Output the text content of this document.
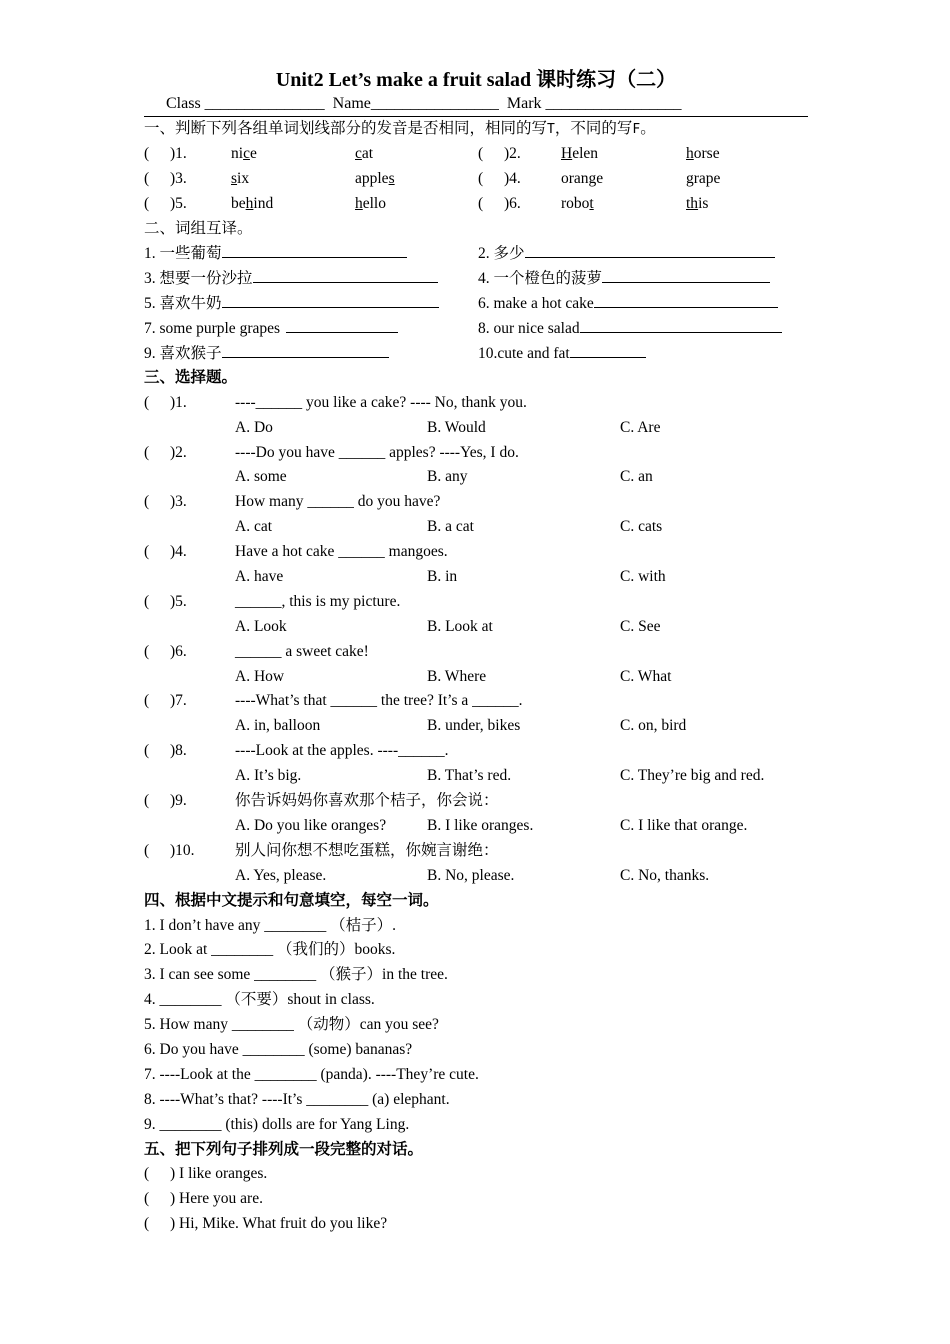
Unit2 Let’s make a fruit salad 课时练习（二）
Class _______________  Name________________  Mark _________________
一、判断下列各组单词划线部分的发音是否相同，相同的写T，不同的写F。
( )1.	nice	cat	( )2.	Helen	horse
( )3.	six	apples	( )4.	orange	grape
( )5.	behind	hello	( )6.	robot	this
二、词组互译。
1. 一些葡萄	2. 多少
3. 想要一份沙拉	4. 一个橙色的菠萝
5. 喜欢牛奶	6. make a hot cake
7. some purple grapes	8. our nice salad
9. 喜欢猴子	10.cute and fat
三、选择题。
( )1.	----______ you like a cake? ---- No, thank you.
A. Do	B. Would	C. Are
( )2.	----Do you have ______ apples? ----Yes, I do.
A. some	B. any	C. an
( )3.	How many ______ do you have?
A. cat	B. a cat	C. cats
( )4.	Have a hot cake ______ mangoes.
A. have	B. in	C. with
( )5.	______, this is my picture.
A. Look	B. Look at	C. See
( )6.	______ a sweet cake!
A. How	B. Where	C. What
( )7.	----What’s that ______ the tree? It’s a ______.
A. in, balloon	B. under, bikes	C. on, bird
( )8.	----Look at the apples. ----______.
A. It’s big.	B. That’s red.	C. They’re big and red.
( )9.	你告诉妈妈你喜欢那个桔子，你会说：
A. Do you like oranges?	B. I like oranges.	C. I like that orange.
( )10.	别人问你想不想吃蛋糕，你婉言谢绝：
A. Yes, please.	B. No, please.	C. No, thanks.
四、根据中文提示和句意填空，每空一词。
1. I don’t have any ________ （桔子）.
2. Look at ________ （我们的）books.
3. I can see some ________ （猴子）in the tree.
4. ________ （不要）shout in class.
5. How many ________ （动物）can you see?
6. Do you have ________ (some) bananas?
7. ----Look at the ________ (panda). ----They’re cute.
8. ----What’s that? ----It’s ________ (a) elephant.
9. ________ (this) dolls are for Yang Ling.
五、把下列句子排列成一段完整的对话。
( ) I like oranges.
( ) Here you are.
( ) Hi, Mike. What fruit do you like?
